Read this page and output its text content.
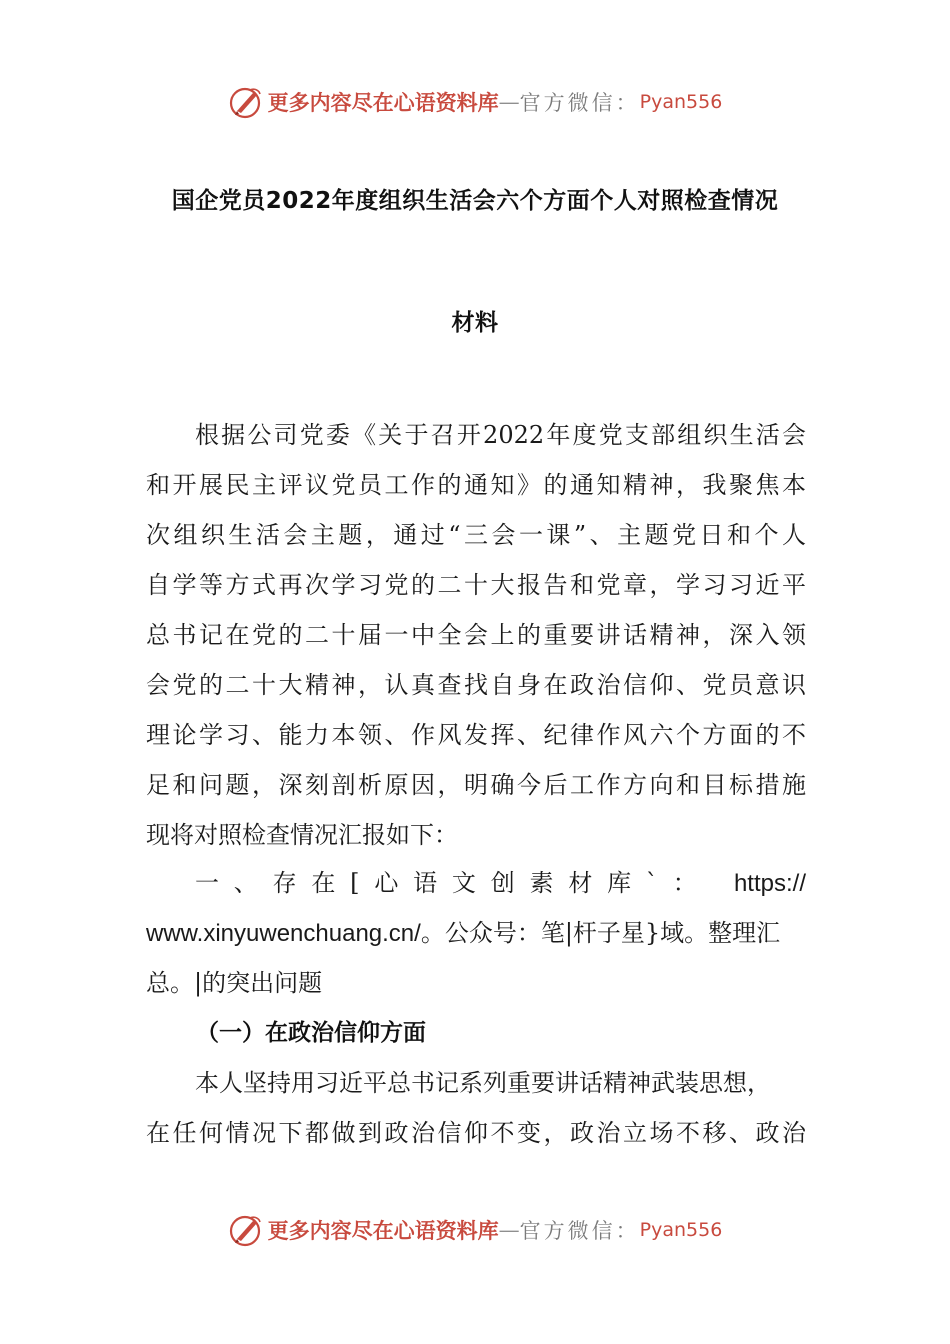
更多内容尽在心语资料库 — 官方微信： Pyan556
国企党员2022年度组织生活会六个方面个人对照检查情况
材料
根据公司党委《关于召开2022年度党支部组织生活会
和开展民主评议党员工作的通知》的通知精神，我聚焦本
次组织生活会主题，通过“三会一课”、主题党日和个人
自学等方式再次学习党的二十大报告和党章，学习习近平
总书记在党的二十届一中全会上的重要讲话精神，深入领
会党的二十大精神，认真查找自身在政治信仰、党员意识
理论学习、能力本领、作风发挥、纪律作风六个方面的不
足和问题，深刻剖析原因，明确今后工作方向和目标措施
现将对照检查情况汇报如下：
一、存在[心语文创素材库`： https://
www.xinyuwenchuang.cn/。公众号：笔|杆子星}域。整理汇
总。|的突出问题
（一）在政治信仰方面
本人坚持用习近平总书记系列重要讲话精神武装思想，
在任何情况下都做到政治信仰不变，政治立场不移、政治
更多内容尽在心语资料库 — 官方微信： Pyan556
